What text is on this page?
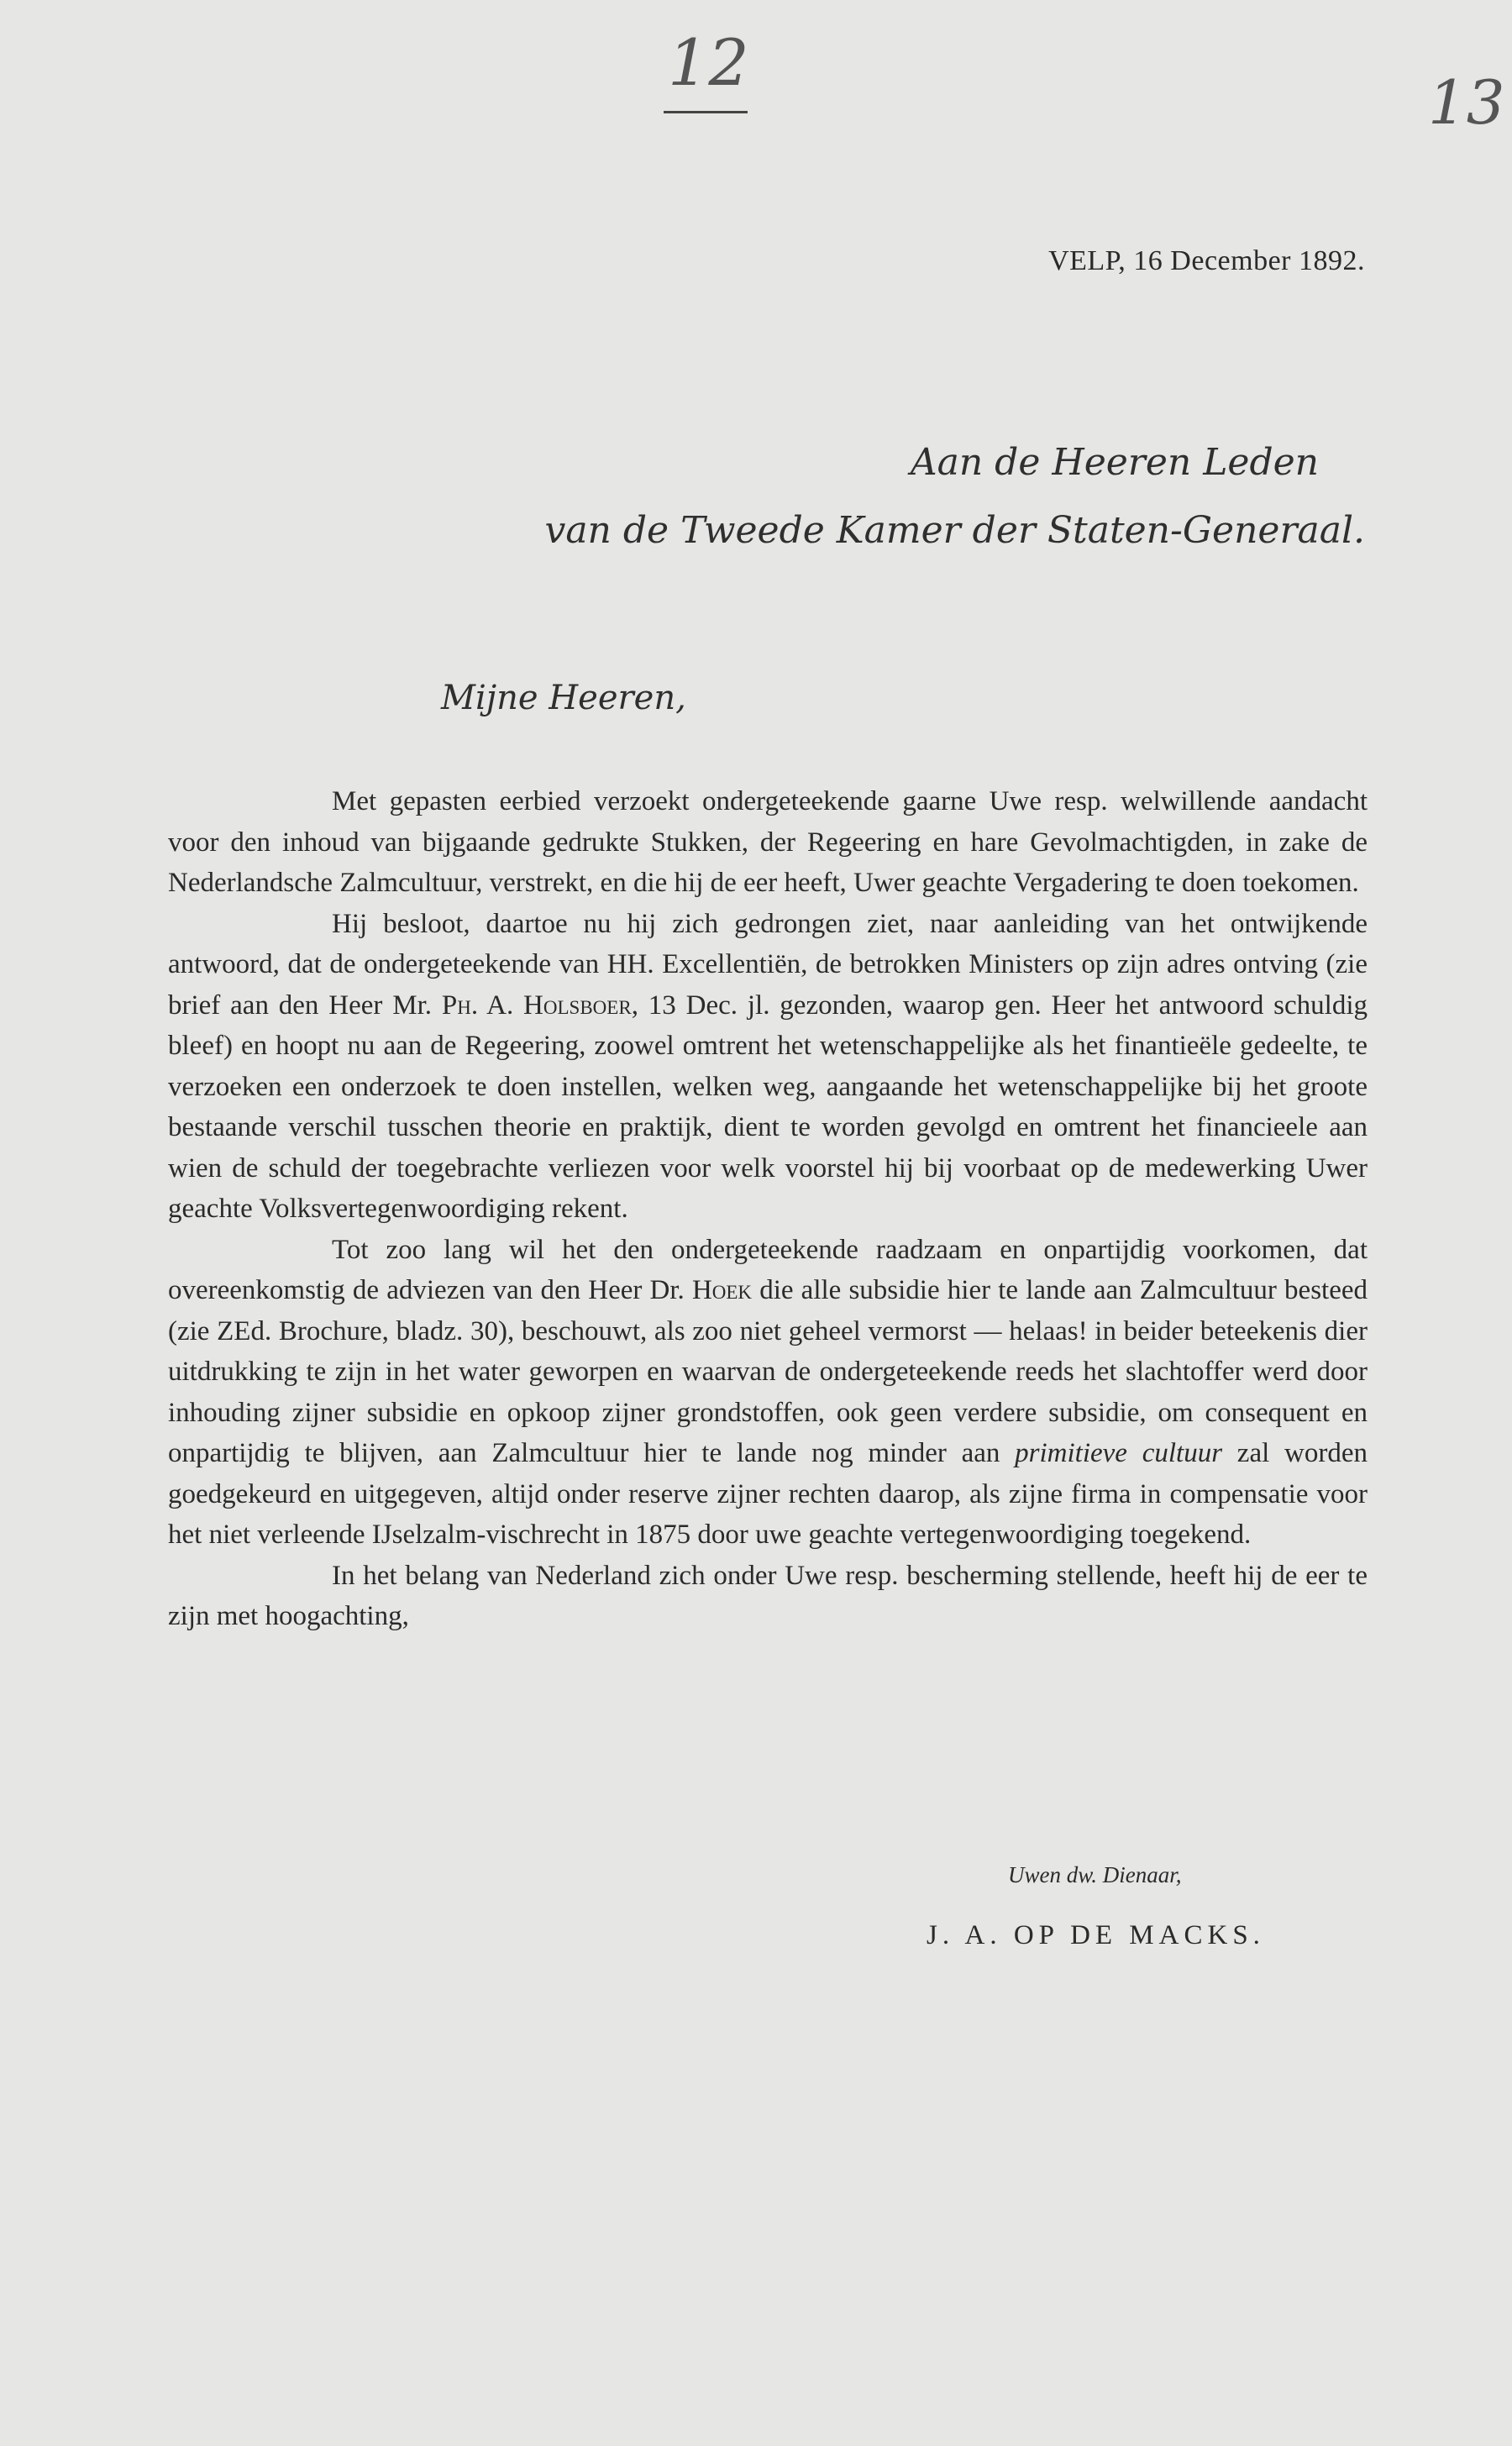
12
13
VELP, 16 December 1892.
Aan de Heeren Leden
van de Tweede Kamer der Staten-Generaal.
Mijne Heeren,

Met gepasten eerbied verzoekt ondergeteekende gaarne Uwe resp. welwillende aandacht voor den inhoud van bijgaande gedrukte Stukken, der Regeering en hare Gevolmachtigden, in zake de Nederlandsche Zalmcultuur, verstrekt, en die hij de eer heeft, Uwer geachte Vergadering te doen toekomen.

Hij besloot, daartoe nu hij zich gedrongen ziet, naar aanleiding van het ontwijkende antwoord, dat de ondergeteekende van HH. Excellentiën, de betrokken Ministers op zijn adres ontving (zie brief aan den Heer Mr. Ph. A. Holsboer, 13 Dec. jl. gezonden, waarop gen. Heer het antwoord schuldig bleef) en hoopt nu aan de Regeering, zoowel omtrent het wetenschappelijke als het finantieële gedeelte, te verzoeken een onderzoek te doen instellen, welken weg, aangaande het wetenschappelijke bij het groote bestaande verschil tusschen theorie en praktijk, dient te worden gevolgd en omtrent het financieele aan wien de schuld der toegebrachte verliezen voor welk voorstel hij bij voorbaat op de medewerking Uwer geachte Volksvertegenwoordiging rekent.

Tot zoo lang wil het den ondergeteekende raadzaam en onpartijdig voorkomen, dat overeenkomstig de adviezen van den Heer Dr. Hoek die alle subsidie hier te lande aan Zalmcultuur besteed (zie ZEd. Brochure, bladz. 30), beschouwt, als zoo niet geheel vermorst — helaas! in beider beteekenis dier uitdrukking te zijn in het water geworpen en waarvan de ondergeteekende reeds het slachtoffer werd door inhouding zijner subsidie en opkoop zijner grondstoffen, ook geen verdere subsidie, om consequent en onpartijdig te blijven, aan Zalmcultuur hier te lande nog minder aan primitieve cultuur zal worden goedgekeurd en uitgegeven, altijd onder reserve zijner rechten daarop, als zijne firma in compensatie voor het niet verleende IJselzalm-vischrecht in 1875 door uwe geachte vertegenwoordiging toegekend.

In het belang van Nederland zich onder Uwe resp. bescherming stellende, heeft hij de eer te zijn met hoogachting,

Uwen dw. Dienaar,
J. A. OP DE MACKS.
